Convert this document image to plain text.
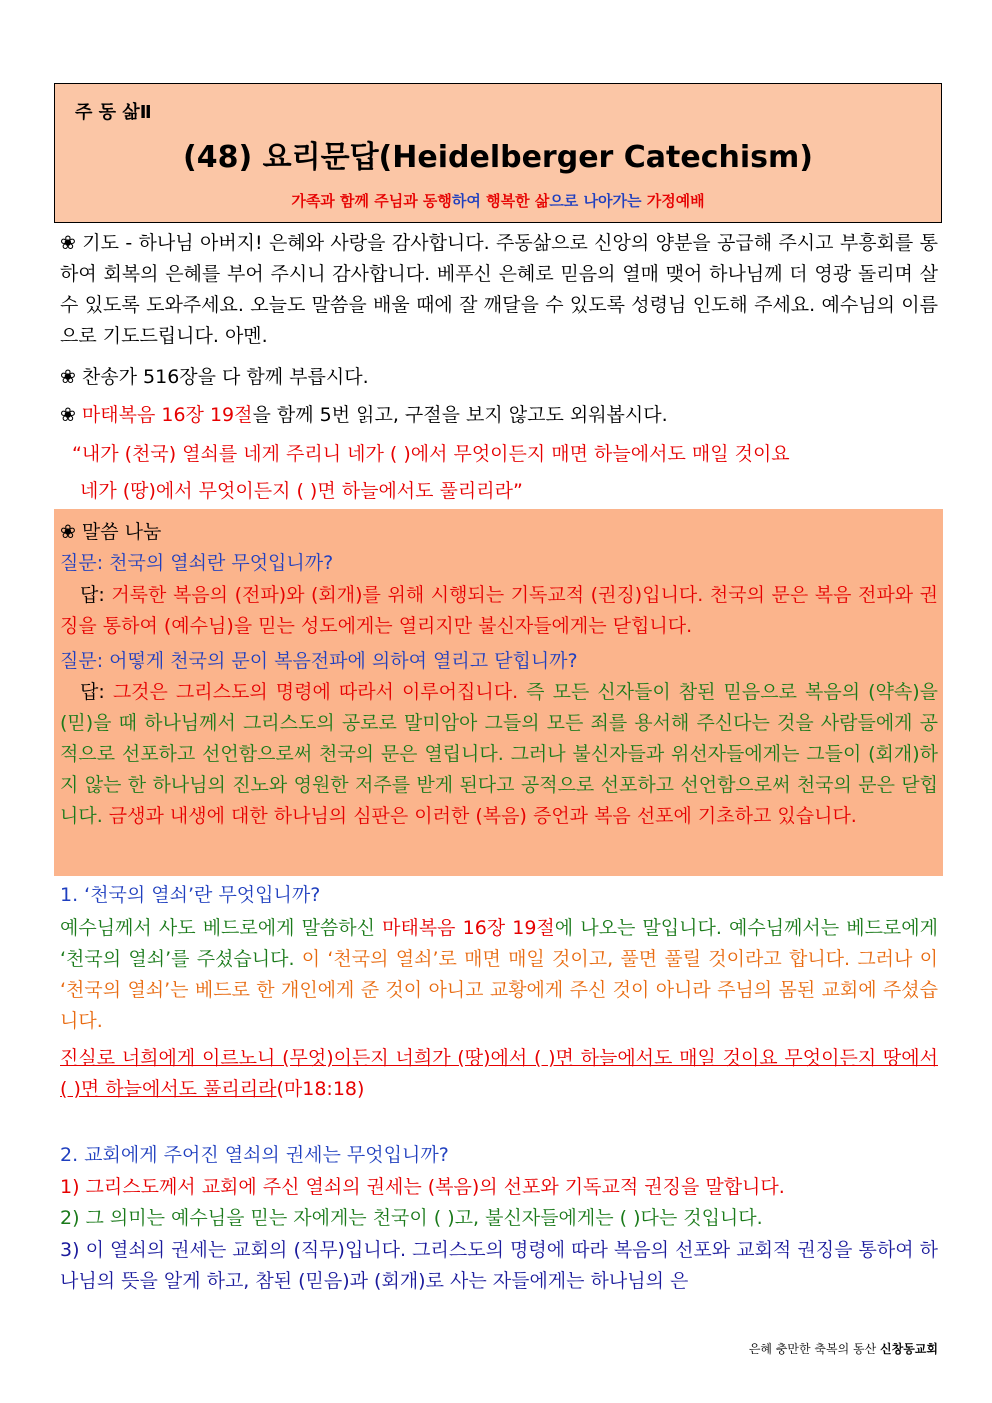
주 동 삶Ⅱ
(48) 요리문답(Heidelberger Catechism)
가족과 함께 주님과 동행하여 행복한 삶으로 나아가는 가정예배
❀ 기도 - 하나님 아버지! 은혜와 사랑을 감사합니다. 주동삶으로 신앙의 양분을 공급해 주시고 부흥회를 통하여 회복의 은혜를 부어 주시니 감사합니다. 베푸신 은혜로 믿음의 열매 맺어 하나님께 더 영광 돌리며 살 수 있도록 도와주세요. 오늘도 말씀을 배울 때에 잘 깨달을 수 있도록 성령님 인도해 주세요. 예수님의 이름으로 기도드립니다. 아멘.
❀ 찬송가 516장을 다 함께 부릅시다.
❀ 마태복음 16장 19절을 함께 5번 읽고, 구절을 보지 않고도 외워봅시다.
“내가 (천국) 열쇠를 네게 주리니 네가 ( )에서 무엇이든지 매면 하늘에서도 매일 것이요
네가 (땅)에서 무엇이든지 ( )면 하늘에서도 풀리리라”
❀ 말씀 나눔
질문: 천국의 열쇠란 무엇입니까?
답: 거룩한 복음의 (전파)와 (회개)를 위해 시행되는 기독교적 (권징)입니다. 천국의 문은 복음 전파와 권징을 통하여 (예수님)을 믿는 성도에게는 열리지만 불신자들에게는 닫힙니다.
질문: 어떻게 천국의 문이 복음전파에 의하여 열리고 닫힙니까?
답: 그것은 그리스도의 명령에 따라서 이루어집니다. 즉 모든 신자들이 참된 믿음으로 복음의 (약속)을 (믿)을 때 하나님께서 그리스도의 공로로 말미암아 그들의 모든 죄를 용서해 주신다는 것을 사람들에게 공적으로 선포하고 선언함으로써 천국의 문은 열립니다. 그러나 불신자들과 위선자들에게는 그들이 (회개)하지 않는 한 하나님의 진노와 영원한 저주를 받게 된다고 공적으로 선포하고 선언함으로써 천국의 문은 닫힙니다. 금생과 내생에 대한 하나님의 심판은 이러한 (복음) 증언과 복음 선포에 기초하고 있습니다.
1. ‘천국의 열쇠’란 무엇입니까?
예수님께서 사도 베드로에게 말씀하신 마태복음 16장 19절에 나오는 말입니다. 예수님께서는 베드로에게 ‘천국의 열쇠’를 주셨습니다. 이 ‘천국의 열쇠’로 매면 매일 것이고, 풀면 풀릴 것이라고 합니다. 그러나 이 ‘천국의 열쇠’는 베드로 한 개인에게 준 것이 아니고 교황에게 주신 것이 아니라 주님의 몸된 교회에 주셨습니다.
진실로 너희에게 이르노니 (무엇)이든지 너희가 (땅)에서 ( )면 하늘에서도 매일 것이요 무엇이든지 땅에서 ( )면 하늘에서도 풀리리라(마18:18)
2. 교회에게 주어진 열쇠의 권세는 무엇입니까?
1) 그리스도께서 교회에 주신 열쇠의 권세는 (복음)의 선포와 기독교적 권징을 말합니다.
2) 그 의미는 예수님을 믿는 자에게는 천국이 ( )고, 불신자들에게는 ( )다는 것입니다.
3) 이 열쇠의 권세는 교회의 (직무)입니다. 그리스도의 명령에 따라 복음의 선포와 교회적 권징을 통하여 하나님의 뜻을 알게 하고, 참된 (믿음)과 (회개)로 사는 자들에게는 하나님의 은
은혜 충만한 축복의 동산 신창동교회
